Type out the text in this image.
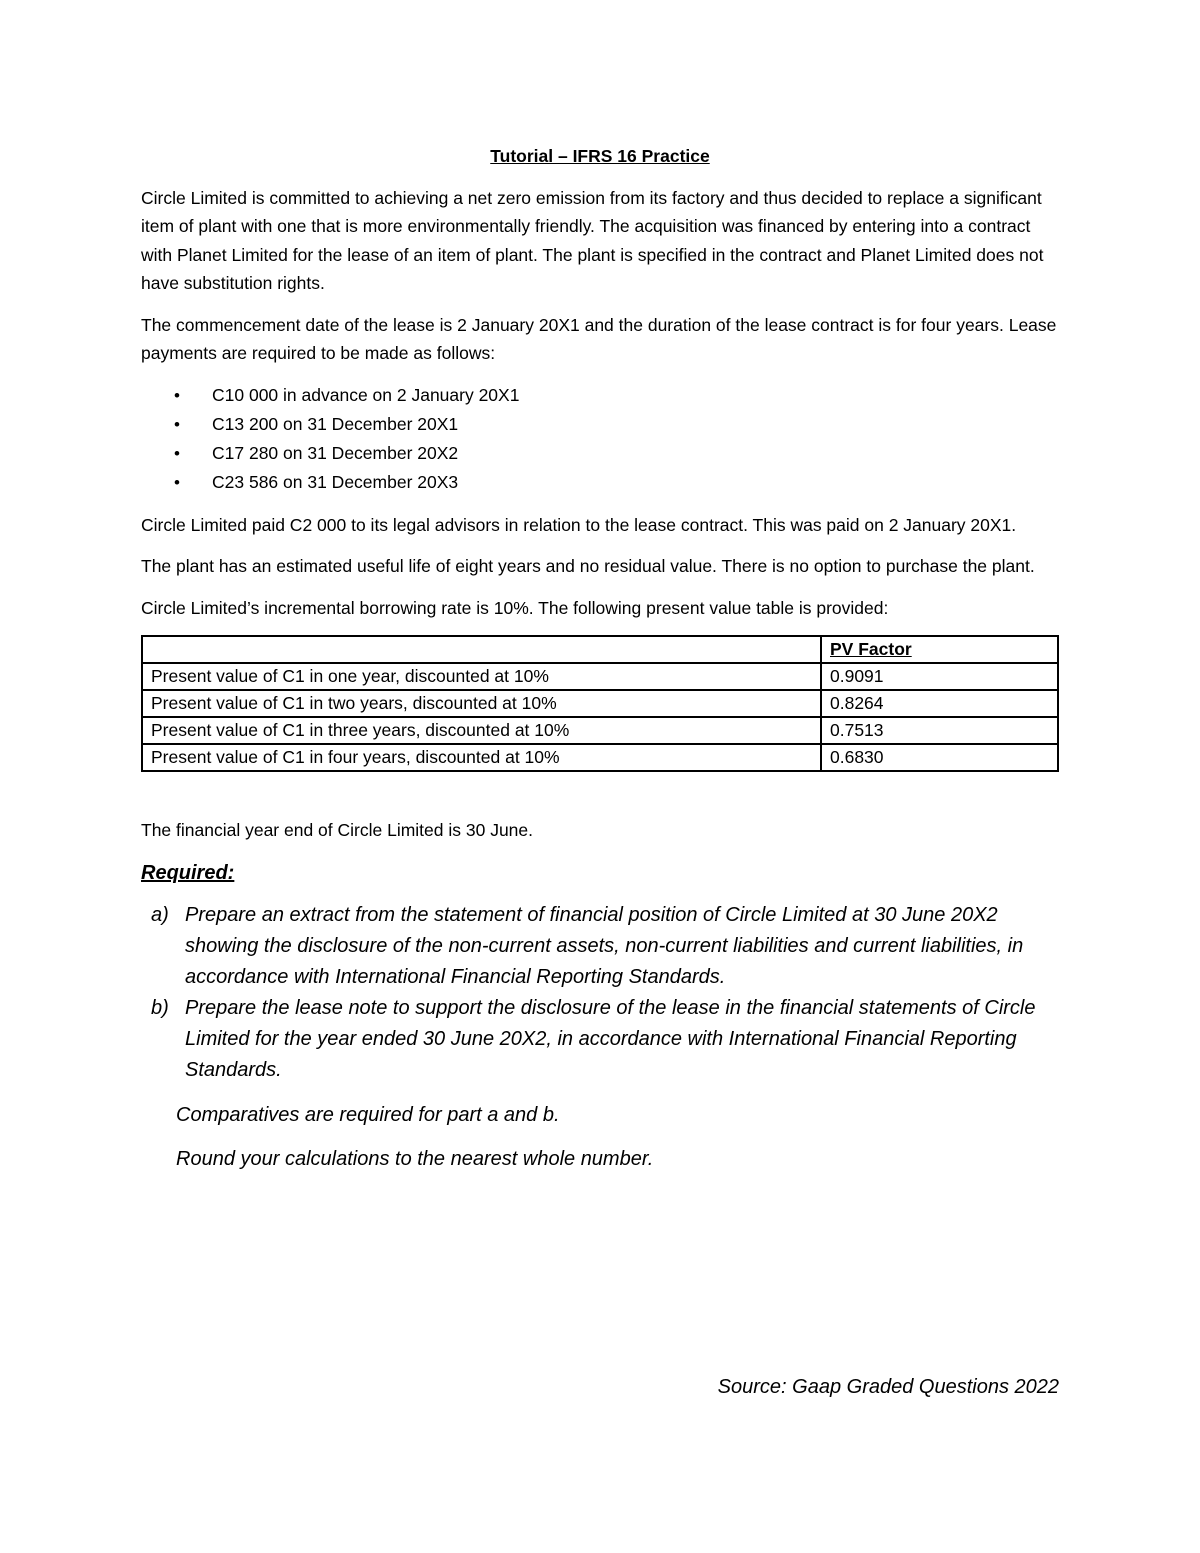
Tutorial – IFRS 16 Practice

Circle Limited is committed to achieving a net zero emission from its factory and thus decided to replace a significant item of plant with one that is more environmentally friendly. The acquisition was financed by entering into a contract with Planet Limited for the lease of an item of plant. The plant is specified in the contract and Planet Limited does not have substitution rights.

The commencement date of the lease is 2 January 20X1 and the duration of the lease contract is for four years. Lease payments are required to be made as follows:

• C10 000 in advance on 2 January 20X1
• C13 200 on 31 December 20X1
• C17 280 on 31 December 20X2
• C23 586 on 31 December 20X3

Circle Limited paid C2 000 to its legal advisors in relation to the lease contract. This was paid on 2 January 20X1.

The plant has an estimated useful life of eight years and no residual value. There is no option to purchase the plant.

Circle Limited’s incremental borrowing rate is 10%. The following present value table is provided:

	PV Factor
Present value of C1 in one year, discounted at 10%	0.9091
Present value of C1 in two years, discounted at 10%	0.8264
Present value of C1 in three years, discounted at 10%	0.7513
Present value of C1 in four years, discounted at 10%	0.6830

The financial year end of Circle Limited is 30 June.

Required:
a) Prepare an extract from the statement of financial position of Circle Limited at 30 June 20X2 showing the disclosure of the non-current assets, non-current liabilities and current liabilities, in accordance with International Financial Reporting Standards.
b) Prepare the lease note to support the disclosure of the lease in the financial statements of Circle Limited for the year ended 30 June 20X2, in accordance with International Financial Reporting Standards.

Comparatives are required for part a and b.

Round your calculations to the nearest whole number.

Source: Gaap Graded Questions 2022
